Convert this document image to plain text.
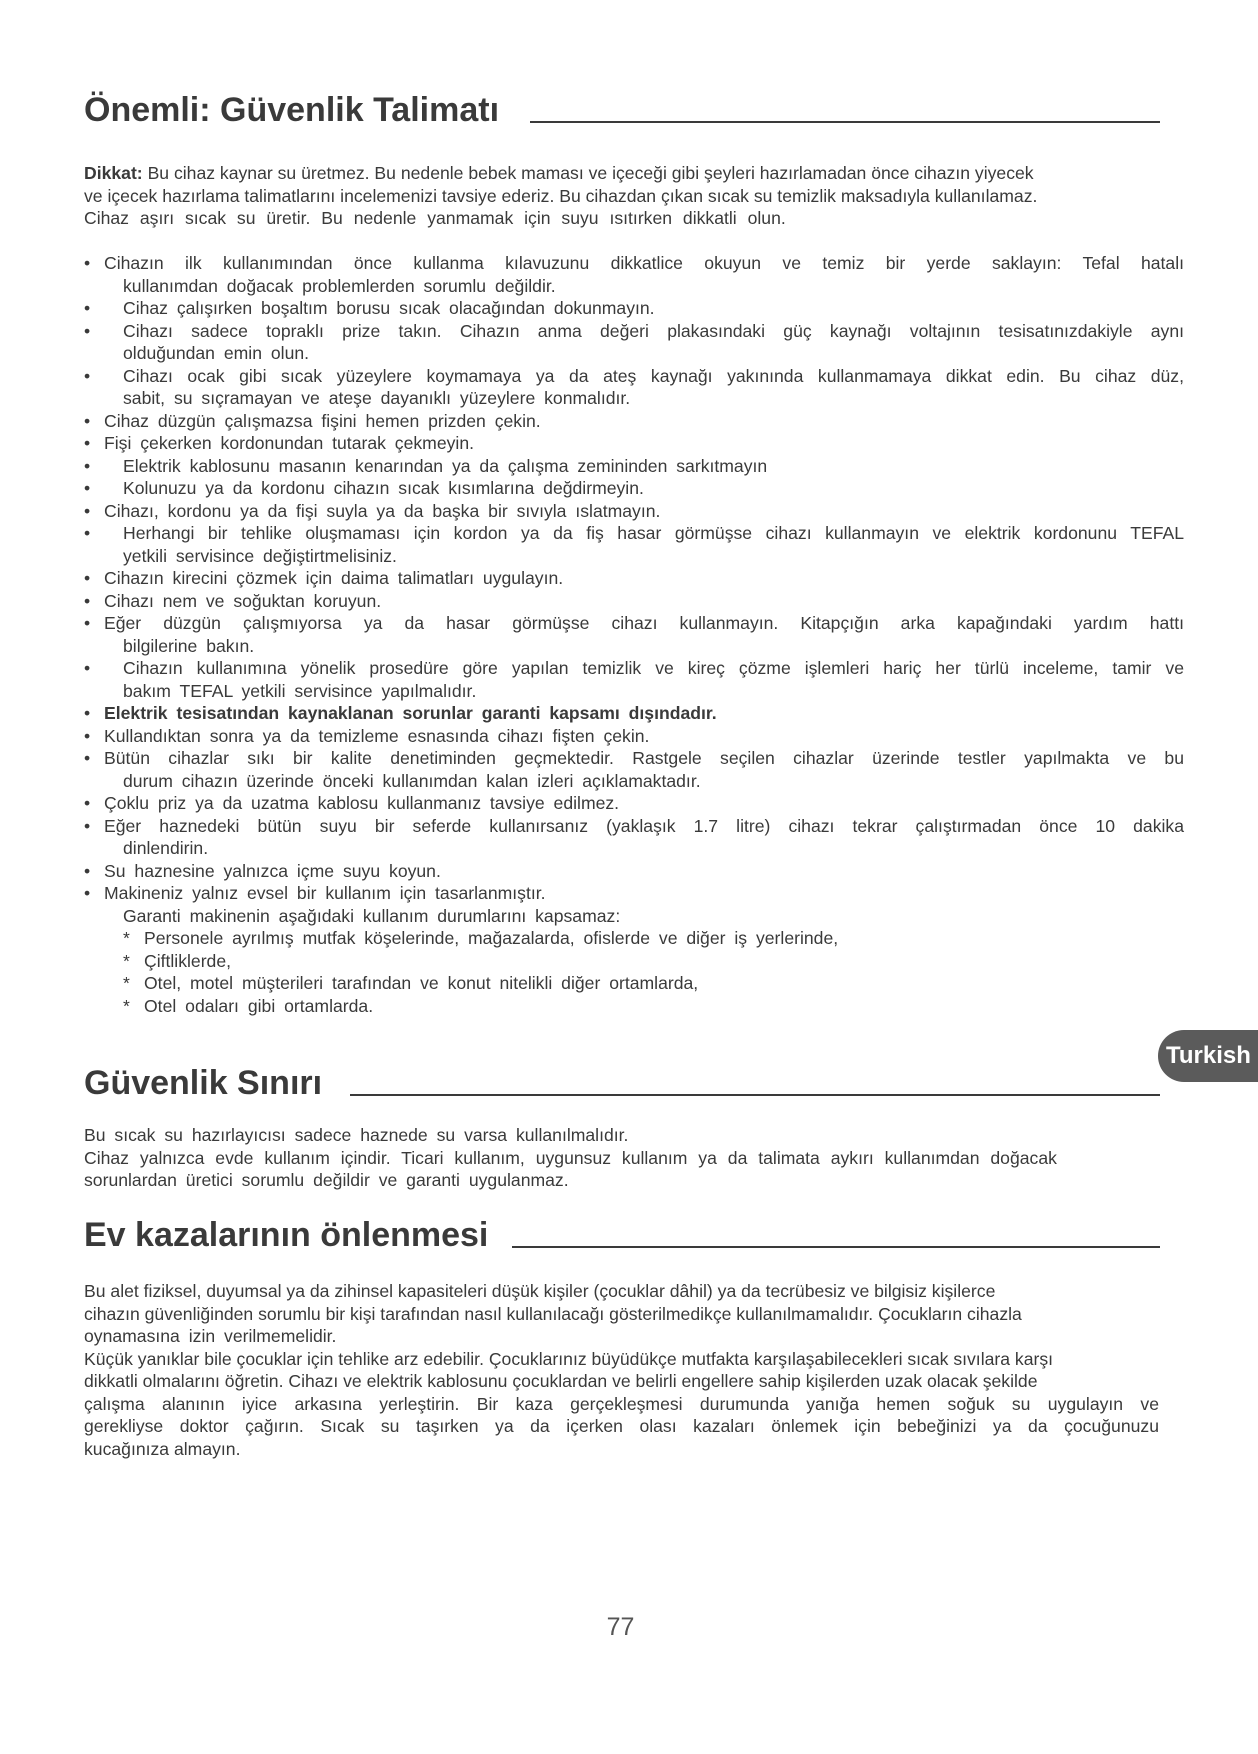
Önemli: Güvenlik Talimatı
Dikkat: Bu cihaz kaynar su üretmez. Bu nedenle bebek maması ve içeceği gibi şeyleri hazırlamadan önce cihazın yiyecek
ve içecek hazırlama talimatlarını incelemenizi tavsiye ederiz. Bu cihazdan çıkan sıcak su temizlik maksadıyla kullanılamaz.
Cihaz aşırı sıcak su üretir. Bu nedenle yanmamak için suyu ısıtırken dikkatli olun.
• Cihazın ilk kullanımından önce kullanma kılavuzunu dikkatlice okuyun ve temiz bir yerde saklayın: Tefal hatalı
kullanımdan doğacak problemlerden sorumlu değildir.
•	Cihaz çalışırken boşaltım borusu sıcak olacağından dokunmayın.
•	Cihazı sadece topraklı prize takın. Cihazın anma değeri plakasındaki güç kaynağı voltajının tesisatınızdakiyle aynı
olduğundan emin olun.
•	Cihazı ocak gibi sıcak yüzeylere koymamaya ya da ateş kaynağı yakınında kullanmamaya dikkat edin. Bu cihaz düz,
sabit, su sıçramayan ve ateşe dayanıklı yüzeylere konmalıdır.
• Cihaz düzgün çalışmazsa fişini hemen prizden çekin.
• Fişi çekerken kordonundan tutarak çekmeyin.
•	Elektrik kablosunu masanın kenarından ya da çalışma zemininden sarkıtmayın
•	Kolunuzu ya da kordonu cihazın sıcak kısımlarına değdirmeyin.
• Cihazı, kordonu ya da fişi suyla ya da başka bir sıvıyla ıslatmayın.
•	Herhangi bir tehlike oluşmaması için kordon ya da fiş hasar görmüşse cihazı kullanmayın ve elektrik kordonunu TEFAL
yetkili servisince değiştirtmelisiniz.
• Cihazın kirecini çözmek için daima talimatları uygulayın.
• Cihazı nem ve soğuktan koruyun.
• Eğer düzgün çalışmıyorsa ya da hasar görmüşse cihazı kullanmayın. Kitapçığın arka kapağındaki yardım hattı
bilgilerine bakın.
•	Cihazın kullanımına yönelik prosedüre göre yapılan temizlik ve kireç çözme işlemleri hariç her türlü inceleme, tamir ve
bakım TEFAL yetkili servisince yapılmalıdır.
• Elektrik tesisatından kaynaklanan sorunlar garanti kapsamı dışındadır.
• Kullandıktan sonra ya da temizleme esnasında cihazı fişten çekin.
• Bütün cihazlar sıkı bir kalite denetiminden geçmektedir. Rastgele seçilen cihazlar üzerinde testler yapılmakta ve bu
durum cihazın üzerinde önceki kullanımdan kalan izleri açıklamaktadır.
• Çoklu priz ya da uzatma kablosu kullanmanız tavsiye edilmez.
• Eğer haznedeki bütün suyu bir seferde kullanırsanız (yaklaşık 1.7 litre) cihazı tekrar çalıştırmadan önce 10 dakika
dinlendirin.
• Su haznesine yalnızca içme suyu koyun.
• Makineniz yalnız evsel bir kullanım için tasarlanmıştır.
Garanti makinenin aşağıdaki kullanım durumlarını kapsamaz:
* Personele ayrılmış mutfak köşelerinde, mağazalarda, ofislerde ve diğer iş yerlerinde,
* Çiftliklerde,
* Otel, motel müşterileri tarafından ve konut nitelikli diğer ortamlarda,
* Otel odaları gibi ortamlarda.
Turkish
Güvenlik Sınırı
Bu sıcak su hazırlayıcısı sadece haznede su varsa kullanılmalıdır.
Cihaz yalnızca evde kullanım içindir. Ticari kullanım, uygunsuz kullanım ya da talimata aykırı kullanımdan doğacak
sorunlardan üretici sorumlu değildir ve garanti uygulanmaz.
Ev kazalarının önlenmesi
Bu alet fiziksel, duyumsal ya da zihinsel kapasiteleri düşük kişiler (çocuklar dâhil) ya da tecrübesiz ve bilgisiz kişilerce
cihazın güvenliğinden sorumlu bir kişi tarafından nasıl kullanılacağı gösterilmedikçe kullanılmamalıdır. Çocukların cihazla
oynamasına izin verilmemelidir.
Küçük yanıklar bile çocuklar için tehlike arz edebilir. Çocuklarınız büyüdükçe mutfakta karşılaşabilecekleri sıcak sıvılara karşı
dikkatli olmalarını öğretin. Cihazı ve elektrik kablosunu çocuklardan ve belirli engellere sahip kişilerden uzak olacak şekilde
çalışma alanının iyice arkasına yerleştirin. Bir kaza gerçekleşmesi durumunda yanığa hemen soğuk su uygulayın ve
gerekliyse doktor çağırın. Sıcak su taşırken ya da içerken olası kazaları önlemek için bebeğinizi ya da çocuğunuzu
kucağınıza almayın.
77
